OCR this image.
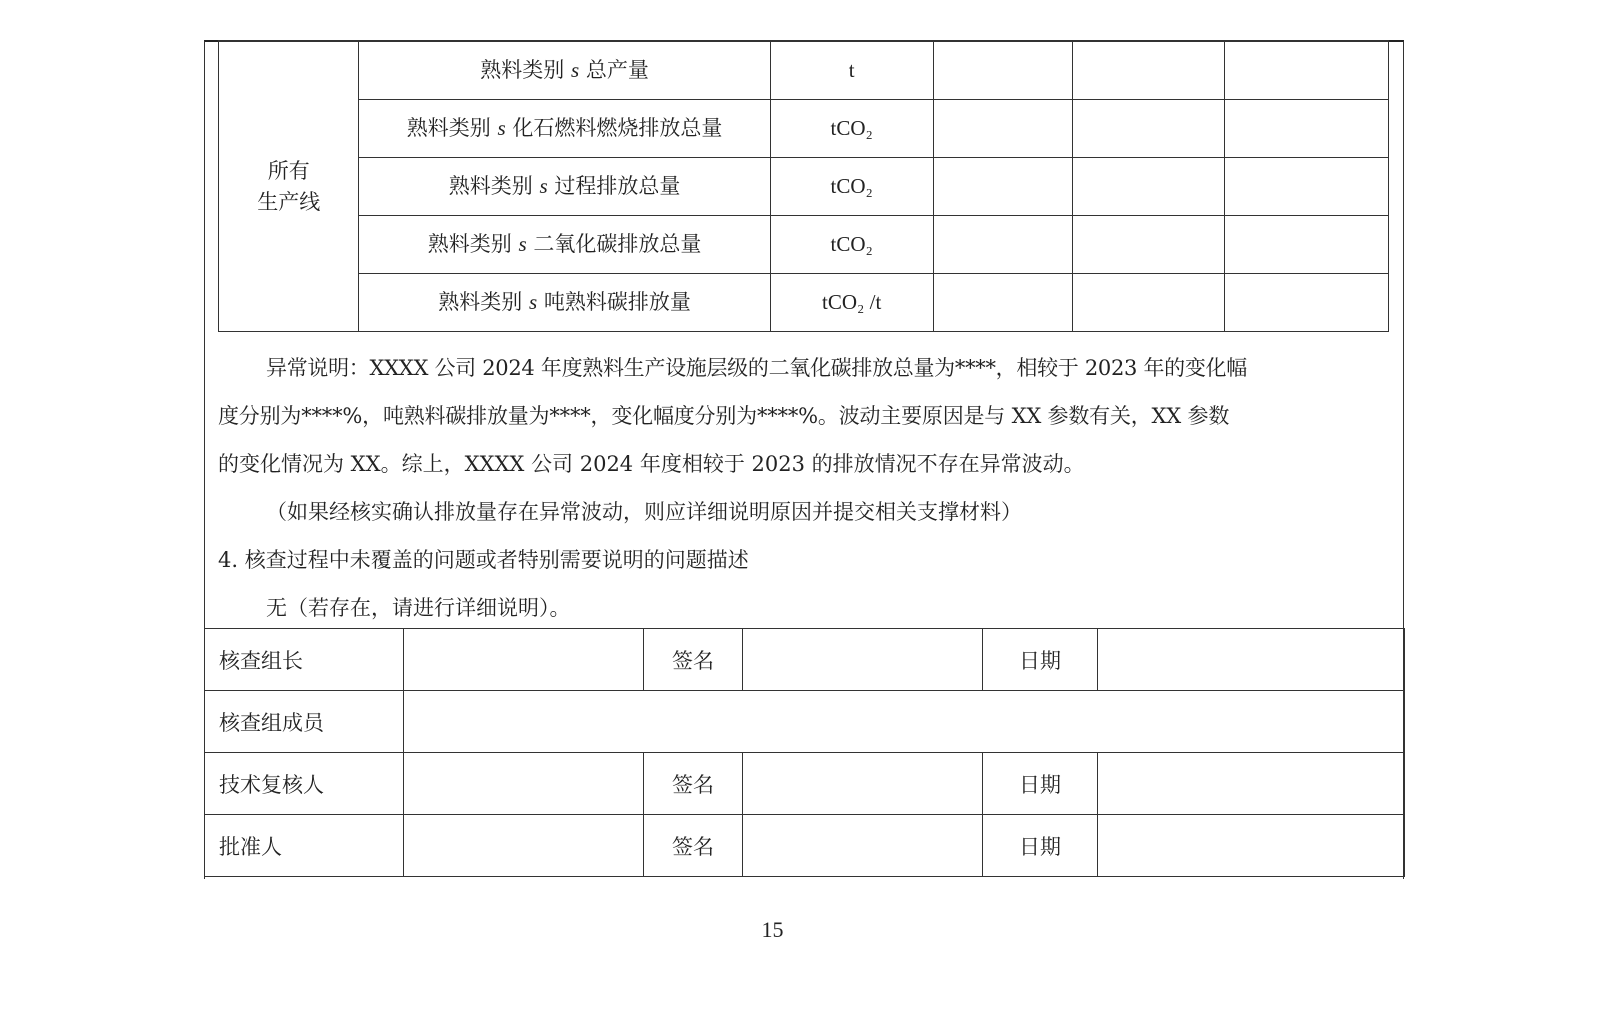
所有
生产线	熟料类别 s 总产量	t			
	熟料类别 s 化石燃料燃烧排放总量	tCO₂			
	熟料类别 s 过程排放总量	tCO₂			
	熟料类别 s 二氧化碳排放总量	tCO₂			
	熟料类别 s 吨熟料碳排放量	tCO₂ /t			

异常说明：XXXX 公司 2024 年度熟料生产设施层级的二氧化碳排放总量为****，相较于 2023 年的变化幅

度分别为****%，吨熟料碳排放量为****，变化幅度分别为****%。波动主要原因是与 XX 参数有关，XX 参数

的变化情况为 XX。综上，XXXX 公司 2024 年度相较于 2023 的排放情况不存在异常波动。

（如果经核实确认排放量存在异常波动，则应详细说明原因并提交相关支撑材料）

4. 核查过程中未覆盖的问题或者特别需要说明的问题描述

无（若存在，请进行详细说明）。

核查组长		签名		日期	
核查组成员					
技术复核人		签名		日期	
批准人		签名		日期	
15
